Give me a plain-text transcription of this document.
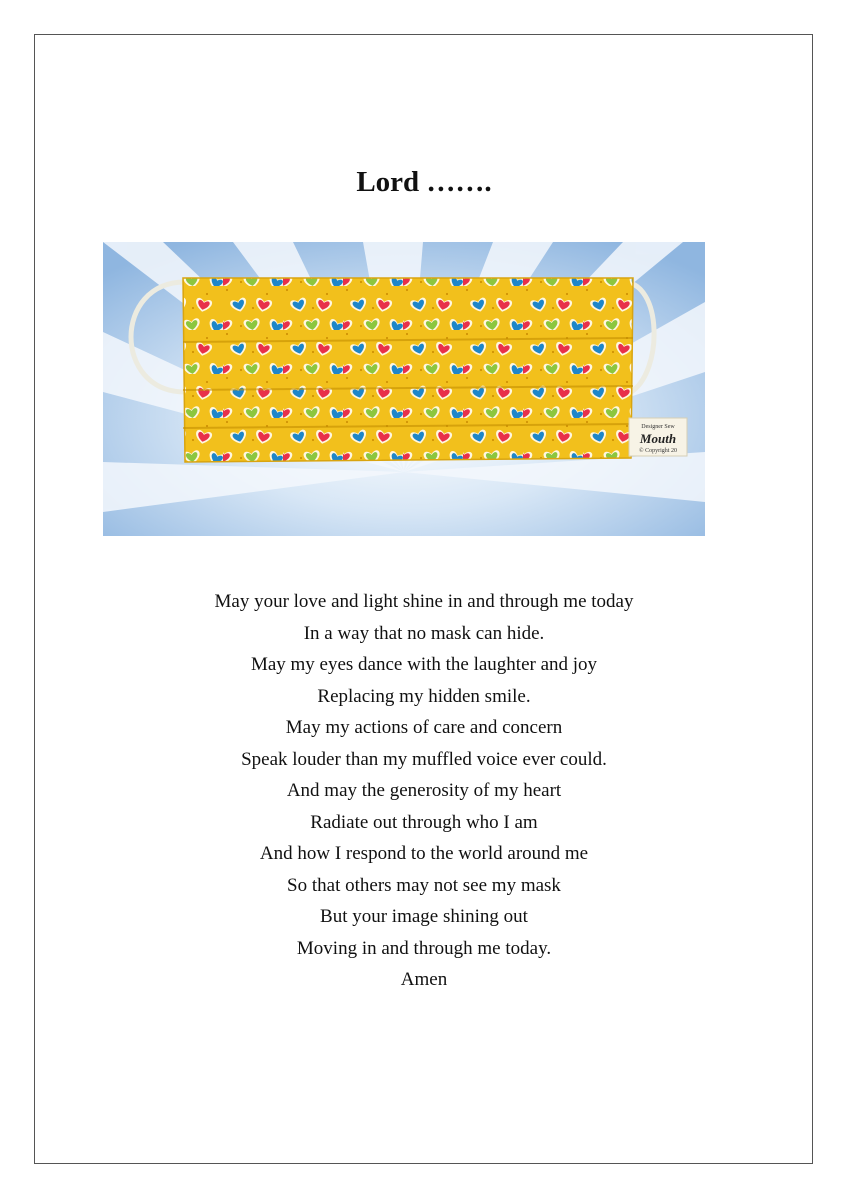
Lord …….
Designer Sew
Mouth
© Copyright 20
May your love and light shine in and through me today
In a way that no mask can hide.
May my eyes dance with the laughter and joy
Replacing my hidden smile.
May my actions of care and concern
Speak louder than my muffled voice ever could.
And may the generosity of my heart
Radiate out through who I am
And how I respond to the world around me
So that others may not see my mask
But your image shining out
Moving in and through me today.
Amen
